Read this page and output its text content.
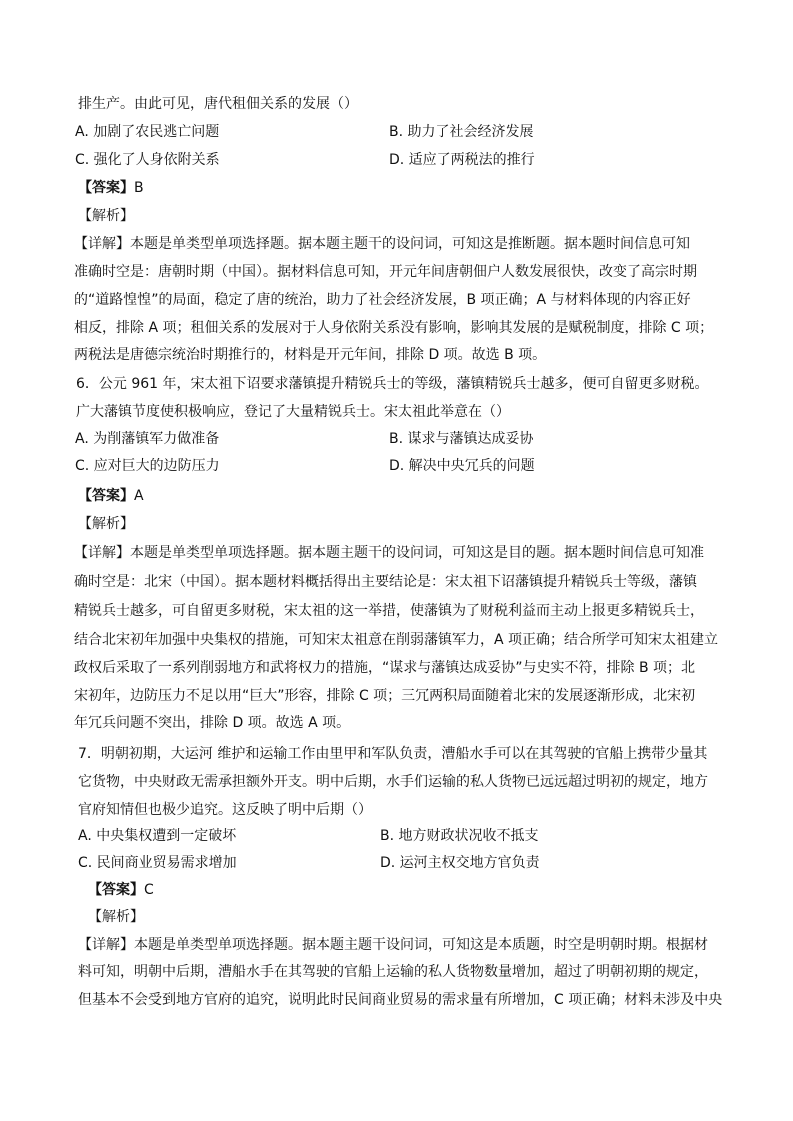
排生产。由此可见，唐代租佃关系的发展（）
A. 加剧了农民逃亡问题	B. 助力了社会经济发展
C. 强化了人身依附关系	D. 适应了两税法的推行
【答案】B
【解析】
【详解】本题是单类型单项选择题。据本题主题干的设问词，可知这是推断题。据本题时间信息可知
准确时空是：唐朝时期（中国）。据材料信息可知，开元年间唐朝佃户人数发展很快，改变了高宗时期
的“道路惶惶”的局面，稳定了唐的统治，助力了社会经济发展，B 项正确；A 与材料体现的内容正好
相反，排除 A 项；租佃关系的发展对于人身依附关系没有影响，影响其发展的是赋税制度，排除 C 项；
两税法是唐德宗统治时期推行的，材料是开元年间，排除 D 项。故选 B 项。
6．公元 961 年，宋太祖下诏要求藩镇提升精锐兵士的等级，藩镇精锐兵士越多，便可自留更多财税。
广大藩镇节度使积极响应，登记了大量精锐兵士。宋太祖此举意在（）
A. 为削藩镇军力做准备	B. 谋求与藩镇达成妥协
C. 应对巨大的边防压力	D. 解决中央冗兵的问题
【答案】A
【解析】
【详解】本题是单类型单项选择题。据本题主题干的设问词，可知这是目的题。据本题时间信息可知准
确时空是：北宋（中国）。据本题材料概括得出主要结论是：宋太祖下诏藩镇提升精锐兵士等级，藩镇
精锐兵士越多，可自留更多财税，宋太祖的这一举措，使藩镇为了财税利益而主动上报更多精锐兵士，
结合北宋初年加强中央集权的措施，可知宋太祖意在削弱藩镇军力，A 项正确；结合所学可知宋太祖建立
政权后采取了一系列削弱地方和武将权力的措施，“谋求与藩镇达成妥协”与史实不符，排除 B 项；北
宋初年，边防压力不足以用“巨大”形容，排除 C 项；三冗两积局面随着北宋的发展逐渐形成，北宋初
年冗兵问题不突出，排除 D 项。故选 A 项。
7．明朝初期，大运河 维护和运输工作由里甲和军队负责，漕船水手可以在其驾驶的官船上携带少量其
它货物，中央财政无需承担额外开支。明中后期，水手们运输的私人货物已远远超过明初的规定，地方
官府知情但也极少追究。这反映了明中后期（）
A. 中央集权遭到一定破坏	B. 地方财政状况收不抵支
C. 民间商业贸易需求增加	D. 运河主权交地方官负责
【答案】C
【解析】
【详解】本题是单类型单项选择题。据本题主题干设问词，可知这是本质题，时空是明朝时期。根据材
料可知，明朝中后期，漕船水手在其驾驶的官船上运输的私人货物数量增加，超过了明朝初期的规定，
但基本不会受到地方官府的追究，说明此时民间商业贸易的需求量有所增加，C 项正确；材料未涉及中央
